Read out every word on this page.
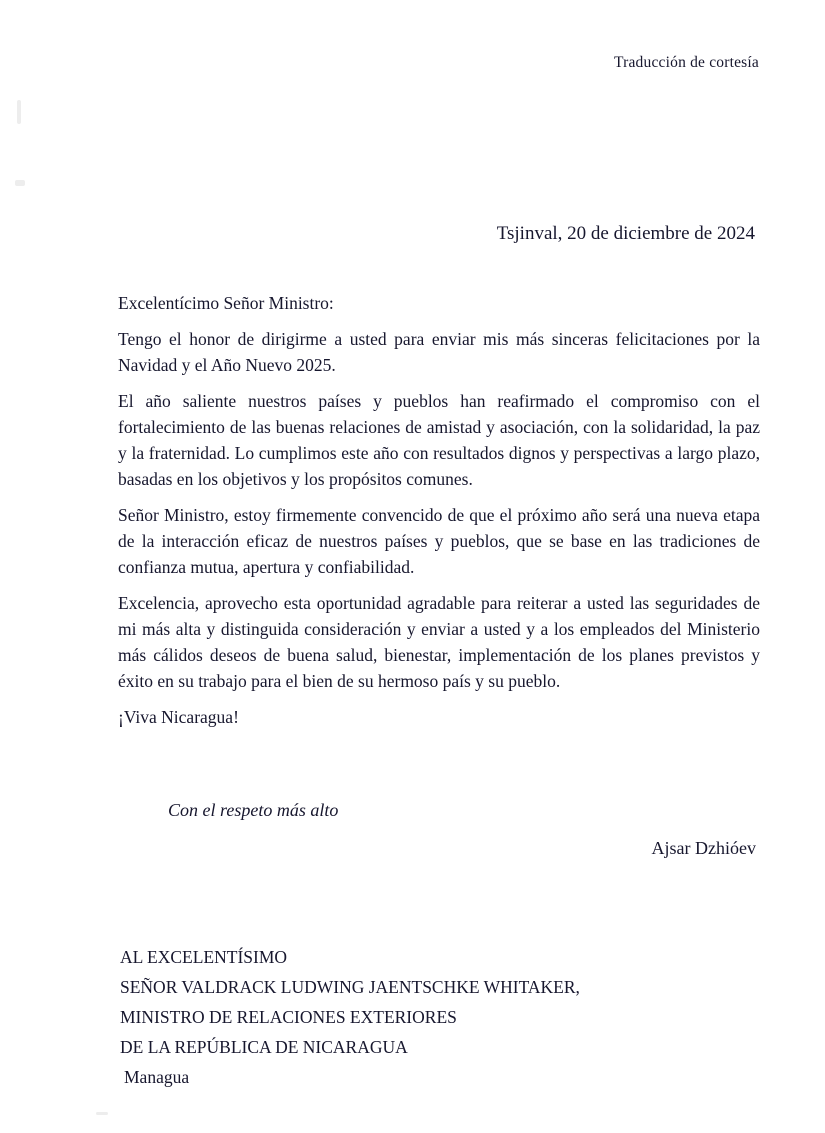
Traducción de cortesía
Tsjinval, 20 de diciembre de 2024

Excelentícimo Señor Ministro:

Tengo el honor de dirigirme a usted para enviar mis más sinceras felicitaciones por la Navidad y el Año Nuevo 2025.

El año saliente nuestros países y pueblos han reafirmado el compromiso con el fortalecimiento de las buenas relaciones de amistad y asociación, con la solidaridad, la paz y la fraternidad. Lo cumplimos este año con resultados dignos y perspectivas a largo plazo, basadas en los objetivos y los propósitos comunes.

Señor Ministro, estoy firmemente convencido de que el próximo año será una nueva etapa de la interacción eficaz de nuestros países y pueblos, que se base en las tradiciones de confianza mutua, apertura y confiabilidad.

Excelencia, aprovecho esta oportunidad agradable para reiterar a usted las seguridades de mi más alta y distinguida consideración y enviar a usted y a los empleados del Ministerio más cálidos deseos de buena salud, bienestar, implementación de los planes previstos y éxito en su trabajo para el bien de su hermoso país y su pueblo.

¡Viva Nicaragua!

Con el respeto más alto
Ajsar Dzhióev
AL EXCELENTÍSIMO
SEÑOR VALDRACK LUDWING JAENTSCHKE WHITAKER,
MINISTRO DE RELACIONES EXTERIORES
DE LA REPÚBLICA DE NICARAGUA
Managua
